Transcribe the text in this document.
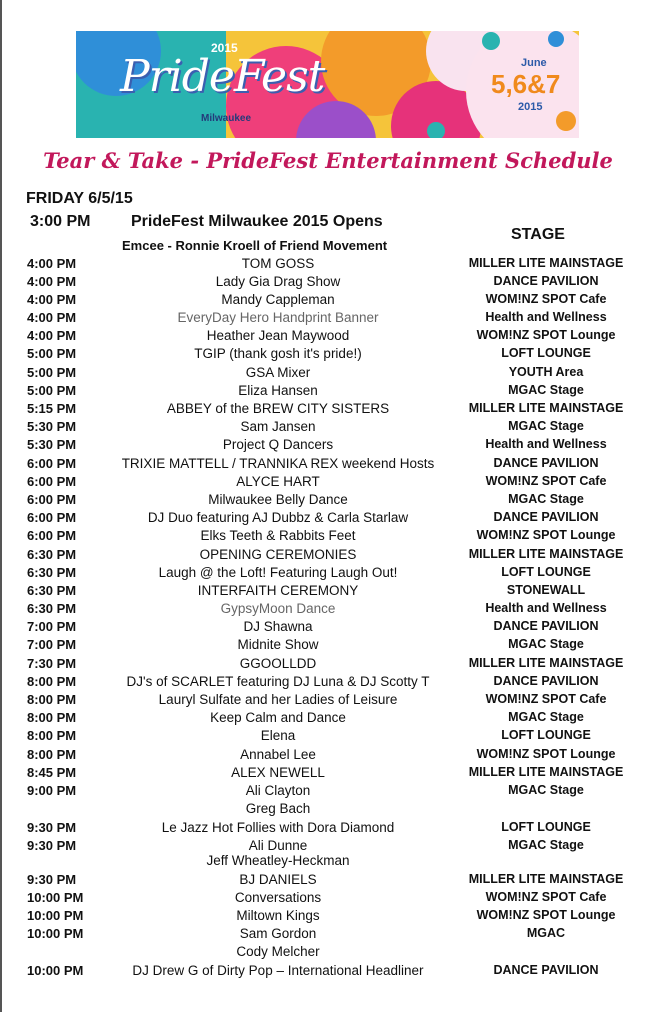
2015
PrideFest
Milwaukee
June
5,6&7
2015
Tear & Take - PrideFest Entertainment Schedule
FRIDAY 6/5/15
3:00 PM	PrideFest Milwaukee 2015 Opens
Emcee - Ronnie Kroell of Friend Movement
STAGE
4:00 PM	TOM GOSS	MILLER LITE MAINSTAGE
4:00 PM	Lady Gia Drag Show	DANCE PAVILION
4:00 PM	Mandy Cappleman	WOM!NZ SPOT Cafe
4:00 PM	EveryDay Hero Handprint Banner	Health and Wellness
4:00 PM	Heather Jean Maywood	WOM!NZ SPOT Lounge
5:00 PM	TGIP (thank gosh it's pride!)	LOFT LOUNGE
5:00 PM	GSA Mixer	YOUTH Area
5:00 PM	Eliza Hansen	MGAC Stage
5:15 PM	ABBEY of the BREW CITY SISTERS	MILLER LITE MAINSTAGE
5:30 PM	Sam Jansen	MGAC Stage
5:30 PM	Project Q Dancers	Health and Wellness
6:00 PM	TRIXIE MATTELL / TRANNIKA REX weekend Hosts	DANCE PAVILION
6:00 PM	ALYCE HART	WOM!NZ SPOT Cafe
6:00 PM	Milwaukee Belly Dance	MGAC Stage
6:00 PM	DJ Duo featuring AJ Dubbz & Carla Starlaw	DANCE PAVILION
6:00 PM	Elks Teeth & Rabbits Feet	WOM!NZ SPOT Lounge
6:30 PM	OPENING CEREMONIES	MILLER LITE MAINSTAGE
6:30 PM	Laugh @ the Loft! Featuring Laugh Out!	LOFT LOUNGE
6:30 PM	INTERFAITH CEREMONY	STONEWALL
6:30 PM	GypsyMoon Dance	Health and Wellness
7:00 PM	DJ Shawna	DANCE PAVILION
7:00 PM	Midnite Show	MGAC Stage
7:30 PM	GGOOLLDD	MILLER LITE MAINSTAGE
8:00 PM	DJ's of SCARLET featuring DJ Luna & DJ Scotty T	DANCE PAVILION
8:00 PM	Lauryl Sulfate and her Ladies of Leisure	WOM!NZ SPOT Cafe
8:00 PM	Keep Calm and Dance	MGAC Stage
8:00 PM	Elena	LOFT LOUNGE
8:00 PM	Annabel Lee	WOM!NZ SPOT Lounge
8:45 PM	ALEX NEWELL	MILLER LITE MAINSTAGE
9:00 PM	Ali Clayton	MGAC Stage
Greg Bach
9:30 PM	Le Jazz Hot Follies with Dora Diamond	LOFT LOUNGE
9:30 PM	Ali Dunne	MGAC Stage
Jeff Wheatley-Heckman
9:30 PM	BJ DANIELS	MILLER LITE MAINSTAGE
10:00 PM	Conversations	WOM!NZ SPOT Cafe
10:00 PM	Miltown Kings	WOM!NZ SPOT Lounge
10:00 PM	Sam Gordon	MGAC
Cody Melcher
10:00 PM	DJ Drew G of Dirty Pop – International Headliner	DANCE PAVILION
